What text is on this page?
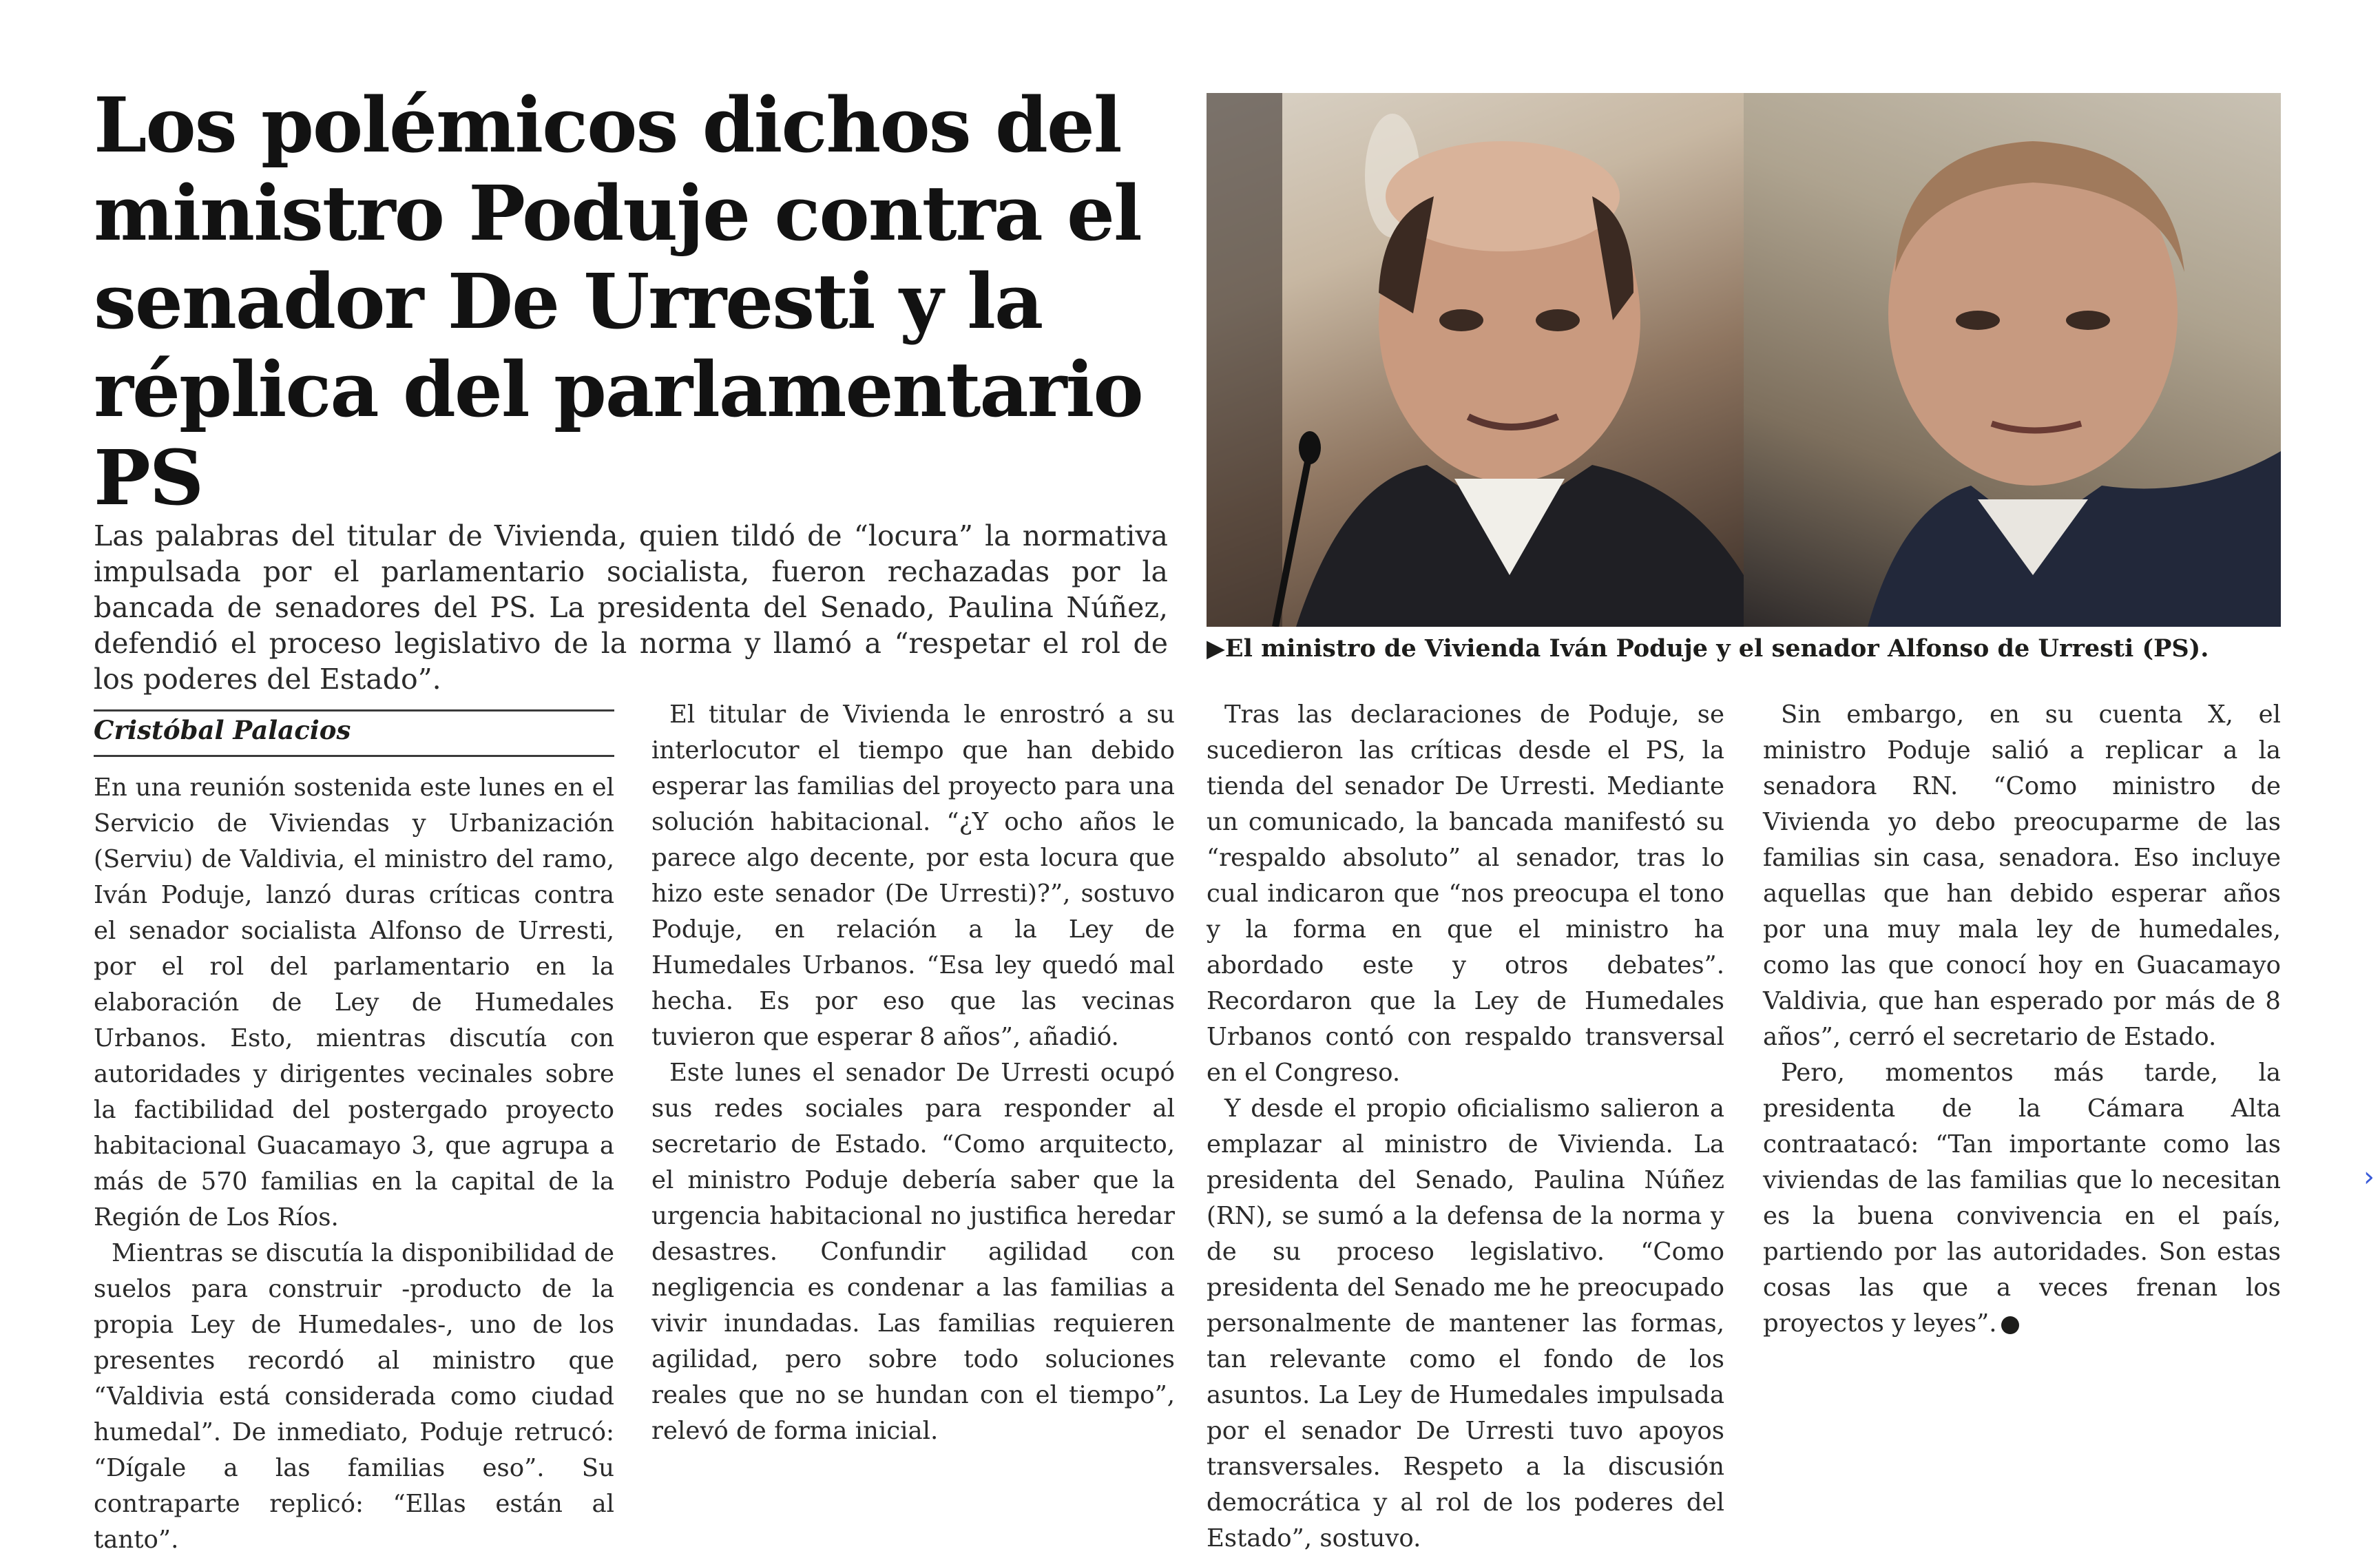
Los polémicos dichos del ministro Poduje contra el senador De Urresti y la réplica del parlamentario PS

Las palabras del titular de Vivienda, quien tildó de “locura” la normativa impulsada por el parlamentario socialista, fueron rechazadas por la bancada de senadores del PS. La presidenta del Senado, Paulina Núñez, defendió el proceso legislativo de la norma y llamó a “respetar el rol de los poderes del Estado”.

▶El ministro de Vivienda Iván Poduje y el senador Alfonso de Urresti (PS).

Cristóbal Palacios

En una reunión sostenida este lunes en el Servicio de Viviendas y Urbanización (Serviu) de Valdivia, el ministro del ramo, Iván Poduje, lanzó duras críticas contra el senador socialista Alfonso de Urresti, por el rol del parlamentario en la elaboración de Ley de Humedales Urbanos. Esto, mientras discutía con autoridades y dirigentes vecinales sobre la factibilidad del postergado proyecto habitacional Guacamayo 3, que agrupa a más de 570 familias en la capital de la Región de Los Ríos.

Mientras se discutía la disponibilidad de suelos para construir -producto de la propia Ley de Humedales-, uno de los presentes recordó al ministro que “Valdivia está considerada como ciudad humedal”. De inmediato, Poduje retrucó: “Dígale a las familias eso”. Su contraparte replicó: “Ellas están al tanto”.

El titular de Vivienda le enrostró a su interlocutor el tiempo que han debido esperar las familias del proyecto para una solución habitacional. “¿Y ocho años le parece algo decente, por esta locura que hizo este senador (De Urresti)?”, sostuvo Poduje, en relación a la Ley de Humedales Urbanos. “Esa ley quedó mal hecha. Es por eso que las vecinas tuvieron que esperar 8 años”, añadió.

Este lunes el senador De Urresti ocupó sus redes sociales para responder al secretario de Estado. “Como arquitecto, el ministro Poduje debería saber que la urgencia habitacional no justifica heredar desastres. Confundir agilidad con negligencia es condenar a las familias a vivir inundadas. Las familias requieren agilidad, pero sobre todo soluciones reales que no se hundan con el tiempo”, relevó de forma inicial.

Tras las declaraciones de Poduje, se sucedieron las críticas desde el PS, la tienda del senador De Urresti. Mediante un comunicado, la bancada manifestó su “respaldo absoluto” al senador, tras lo cual indicaron que “nos preocupa el tono y la forma en que el ministro ha abordado este y otros debates”. Recordaron que la Ley de Humedales Urbanos contó con respaldo transversal en el Congreso.

Y desde el propio oficialismo salieron a emplazar al ministro de Vivienda. La presidenta del Senado, Paulina Núñez (RN), se sumó a la defensa de la norma y de su proceso legislativo. “Como presidenta del Senado me he preocupado personalmente de mantener las formas, tan relevante como el fondo de los asuntos. La Ley de Humedales impulsada por el senador De Urresti tuvo apoyos transversales. Respeto a la discusión democrática y al rol de los poderes del Estado”, sostuvo.

Sin embargo, en su cuenta X, el ministro Poduje salió a replicar a la senadora RN. “Como ministro de Vivienda yo debo preocuparme de las familias sin casa, senadora. Eso incluye aquellas que han debido esperar años por una muy mala ley de humedales, como las que conocí hoy en Guacamayo Valdivia, que han esperado por más de 8 años”, cerró el secretario de Estado.

Pero, momentos más tarde, la presidenta de la Cámara Alta contraatacó: “Tan importante como las viviendas de las familias que lo necesitan es la buena convivencia en el país, partiendo por las autoridades. Son estas cosas las que a veces frenan los proyectos y leyes”.

›
